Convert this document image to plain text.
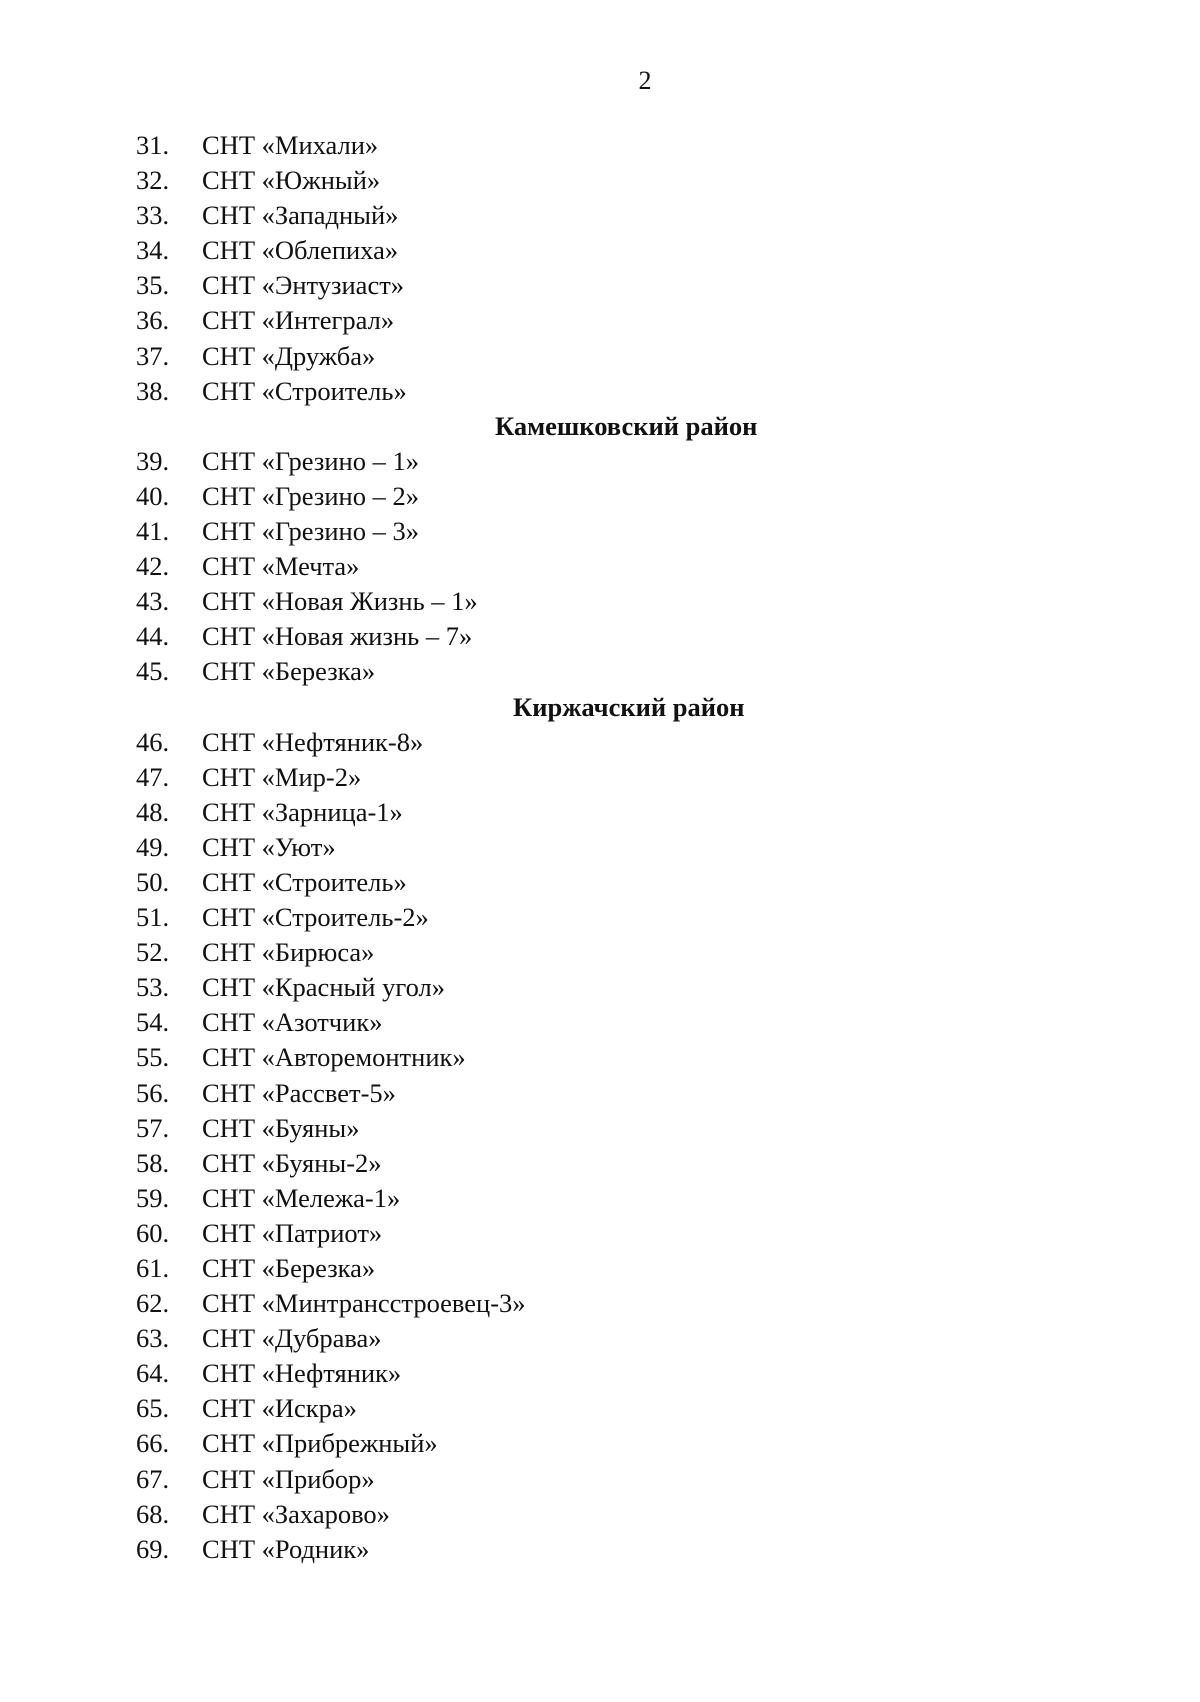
2
31.	СНТ «Михали»
32.	СНТ «Южный»
33.	СНТ «Западный»
34.	СНТ «Облепиха»
35.	СНТ «Энтузиаст»
36.	СНТ «Интеграл»
37.	СНТ «Дружба»
38.	СНТ «Строитель»
Камешковский район
39.	СНТ «Грезино – 1»
40.	СНТ «Грезино – 2»
41.	СНТ «Грезино – 3»
42.	СНТ «Мечта»
43.	СНТ «Новая Жизнь – 1»
44.	СНТ «Новая жизнь – 7»
45.	СНТ «Березка»
Киржачский район
46.	СНТ «Нефтяник-8»
47.	СНТ «Мир-2»
48.	СНТ «Зарница-1»
49.	СНТ «Уют»
50.	СНТ «Строитель»
51.	СНТ «Строитель-2»
52.	СНТ «Бирюса»
53.	СНТ «Красный угол»
54.	СНТ «Азотчик»
55.	СНТ «Авторемонтник»
56.	СНТ «Рассвет-5»
57.	СНТ «Буяны»
58.	СНТ «Буяны-2»
59.	СНТ «Мележа-1»
60.	СНТ «Патриот»
61.	СНТ «Березка»
62.	СНТ «Минтрансстроевец-3»
63.	СНТ «Дубрава»
64.	СНТ «Нефтяник»
65.	СНТ «Искра»
66.	СНТ «Прибрежный»
67.	СНТ «Прибор»
68.	СНТ «Захарово»
69.	СНТ «Родник»
